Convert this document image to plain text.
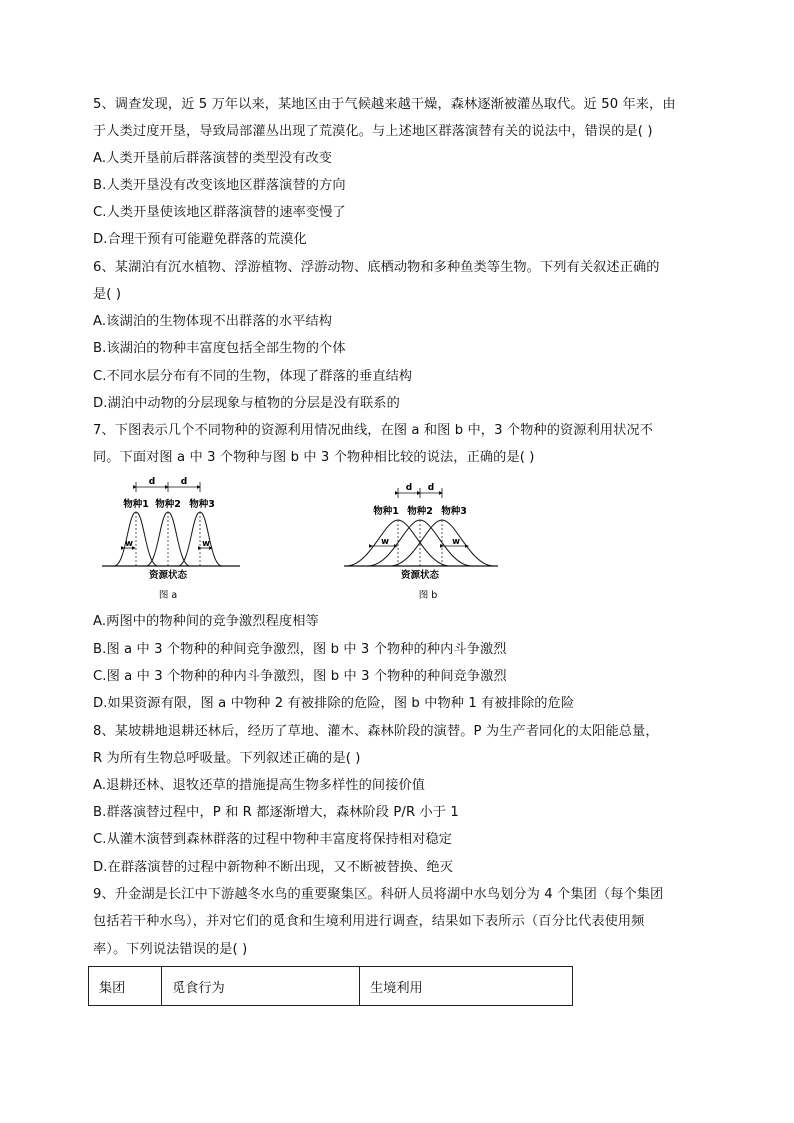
5、调查发现，近 5 万年以来，某地区由于气候越来越干燥，森林逐渐被灌丛取代。近 50 年来，由
于人类过度开垦，导致局部灌丛出现了荒漠化。与上述地区群落演替有关的说法中，错误的是( )
A.人类开垦前后群落演替的类型没有改变
B.人类开垦没有改变该地区群落演替的方向
C.人类开垦使该地区群落演替的速率变慢了
D.合理干预有可能避免群落的荒漠化
6、某湖泊有沉水植物、浮游植物、浮游动物、底栖动物和多种鱼类等生物。下列有关叙述正确的
是( )
A.该湖泊的生物体现不出群落的水平结构
B.该湖泊的物种丰富度包括全部生物的个体
C.不同水层分布有不同的生物，体现了群落的垂直结构
D.湖泊中动物的分层现象与植物的分层是没有联系的
7、下图表示几个不同物种的资源利用情况曲线，在图 a 和图 b 中，3 个物种的资源利用状况不
同。下面对图 a 中 3 个物种与图 b 中 3 个物种相比较的说法，正确的是( )
d	d
物种1 物种2 物种3
w	w
资源状态
图 a
d d
物种1 物种2 物种3
w	w
资源状态
图 b
A.两图中的物种间的竞争激烈程度相等
B.图 a 中 3 个物种的种间竞争激烈，图 b 中 3 个物种的种内斗争激烈
C.图 a 中 3 个物种的种内斗争激烈，图 b 中 3 个物种的种间竞争激烈
D.如果资源有限，图 a 中物种 2 有被排除的危险，图 b 中物种 1 有被排除的危险
8、某坡耕地退耕还林后，经历了草地、灌木、森林阶段的演替。P 为生产者同化的太阳能总量，
R 为所有生物总呼吸量。下列叙述正确的是( )
A.退耕还林、退牧还草的措施提高生物多样性的间接价值
B.群落演替过程中，P 和 R 都逐渐增大，森林阶段 P/R 小于 1
C.从灌木演替到森林群落的过程中物种丰富度将保持相对稳定
D.在群落演替的过程中新物种不断出现，又不断被替换、绝灭
9、升金湖是长江中下游越冬水鸟的重要聚集区。科研人员将湖中水鸟划分为 4 个集团（每个集团
包括若干种水鸟），并对它们的觅食和生境利用进行调查，结果如下表所示（百分比代表使用频
率）。下列说法错误的是( )
集团	觅食行为	生境利用
